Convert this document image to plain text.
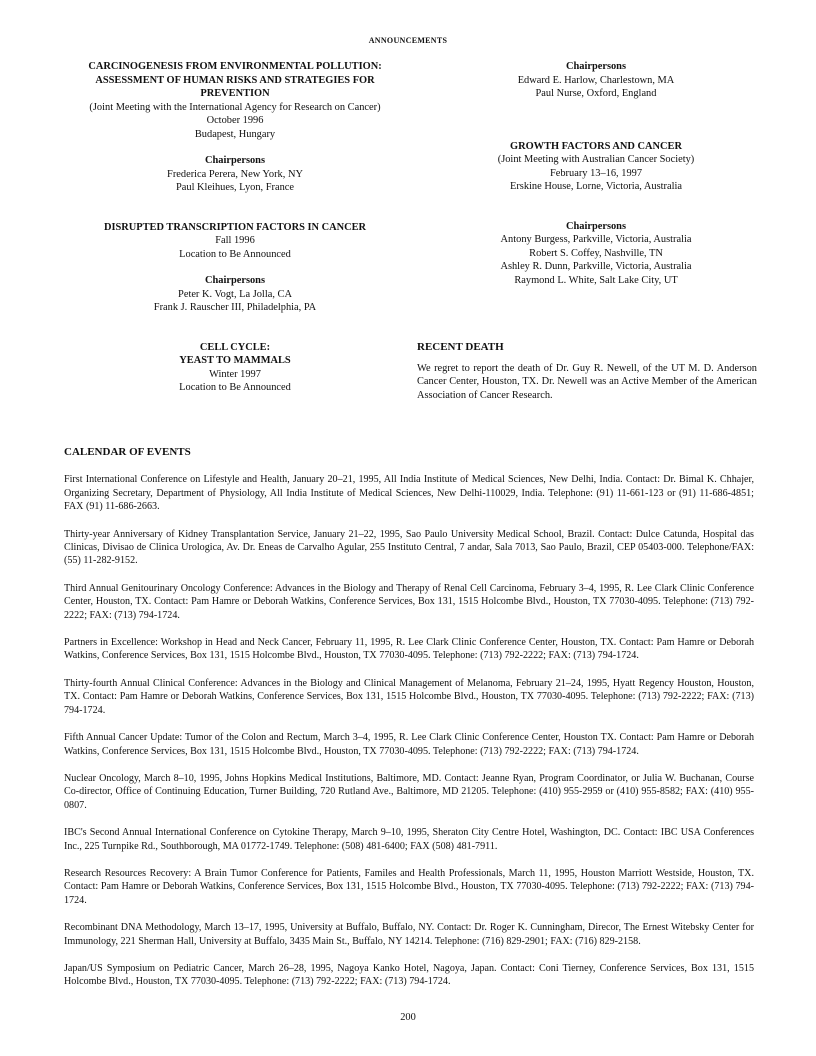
ANNOUNCEMENTS
CARCINOGENESIS FROM ENVIRONMENTAL POLLUTION:
ASSESSMENT OF HUMAN RISKS AND STRATEGIES FOR
PREVENTION
(Joint Meeting with the International Agency for Research on Cancer)
October 1996
Budapest, Hungary
Chairpersons
Frederica Perera, New York, NY
Paul Kleihues, Lyon, France
DISRUPTED TRANSCRIPTION FACTORS IN CANCER
Fall 1996
Location to Be Announced
Chairpersons
Peter K. Vogt, La Jolla, CA
Frank J. Rauscher III, Philadelphia, PA
CELL CYCLE:
YEAST TO MAMMALS
Winter 1997
Location to Be Announced
Chairpersons
Edward E. Harlow, Charlestown, MA
Paul Nurse, Oxford, England
GROWTH FACTORS AND CANCER
(Joint Meeting with Australian Cancer Society)
February 13–16, 1997
Erskine House, Lorne, Victoria, Australia
Chairpersons
Antony Burgess, Parkville, Victoria, Australia
Robert S. Coffey, Nashville, TN
Ashley R. Dunn, Parkville, Victoria, Australia
Raymond L. White, Salt Lake City, UT
RECENT DEATH
We regret to report the death of Dr. Guy R. Newell, of the UT M. D. Anderson Cancer Center, Houston, TX. Dr. Newell was an Active Member of the American Association of Cancer Research.
CALENDAR OF EVENTS
First International Conference on Lifestyle and Health, January 20–21, 1995, All India Institute of Medical Sciences, New Delhi, India. Contact: Dr. Bimal K. Chhajer, Organizing Secretary, Department of Physiology, All India Institute of Medical Sciences, New Delhi-110029, India. Telephone: (91) 11-661-123 or (91) 11-686-4851; FAX (91) 11-686-2663.
Thirty-year Anniversary of Kidney Transplantation Service, January 21–22, 1995, Sao Paulo University Medical School, Brazil. Contact: Dulce Catunda, Hospital das Clinicas, Divisao de Clinica Urologica, Av. Dr. Eneas de Carvalho Agular, 255 Instituto Central, 7 andar, Sala 7013, Sao Paulo, Brazil, CEP 05403-000. Telephone/FAX: (55) 11-282-9152.
Third Annual Genitourinary Oncology Conference: Advances in the Biology and Therapy of Renal Cell Carcinoma, February 3–4, 1995, R. Lee Clark Clinic Conference Center, Houston, TX. Contact: Pam Hamre or Deborah Watkins, Conference Services, Box 131, 1515 Holcombe Blvd., Houston, TX 77030-4095. Telephone: (713) 792-2222; FAX: (713) 794-1724.
Partners in Excellence: Workshop in Head and Neck Cancer, February 11, 1995, R. Lee Clark Clinic Conference Center, Houston, TX. Contact: Pam Hamre or Deborah Watkins, Conference Services, Box 131, 1515 Holcombe Blvd., Houston, TX 77030-4095. Telephone: (713) 792-2222; FAX: (713) 794-1724.
Thirty-fourth Annual Clinical Conference: Advances in the Biology and Clinical Management of Melanoma, February 21–24, 1995, Hyatt Regency Houston, Houston, TX. Contact: Pam Hamre or Deborah Watkins, Conference Services, Box 131, 1515 Holcombe Blvd., Houston, TX 77030-4095. Telephone: (713) 792-2222; FAX: (713) 794-1724.
Fifth Annual Cancer Update: Tumor of the Colon and Rectum, March 3–4, 1995, R. Lee Clark Clinic Conference Center, Houston TX. Contact: Pam Hamre or Deborah Watkins, Conference Services, Box 131, 1515 Holcombe Blvd., Houston, TX 77030-4095. Telephone: (713) 792-2222; FAX: (713) 794-1724.
Nuclear Oncology, March 8–10, 1995, Johns Hopkins Medical Institutions, Baltimore, MD. Contact: Jeanne Ryan, Program Coordinator, or Julia W. Buchanan, Course Co-director, Office of Continuing Education, Turner Building, 720 Rutland Ave., Baltimore, MD 21205. Telephone: (410) 955-2959 or (410) 955-8582; FAX: (410) 955-0807.
IBC's Second Annual International Conference on Cytokine Therapy, March 9–10, 1995, Sheraton City Centre Hotel, Washington, DC. Contact: IBC USA Conferences Inc., 225 Turnpike Rd., Southborough, MA 01772-1749. Telephone: (508) 481-6400; FAX (508) 481-7911.
Research Resources Recovery: A Brain Tumor Conference for Patients, Familes and Health Professionals, March 11, 1995, Houston Marriott Westside, Houston, TX. Contact: Pam Hamre or Deborah Watkins, Conference Services, Box 131, 1515 Holcombe Blvd., Houston, TX 77030-4095. Telephone: (713) 792-2222; FAX: (713) 794-1724.
Recombinant DNA Methodology, March 13–17, 1995, University at Buffalo, Buffalo, NY. Contact: Dr. Roger K. Cunningham, Direcor, The Ernest Witebsky Center for Immunology, 221 Sherman Hall, University at Buffalo, 3435 Main St., Buffalo, NY 14214. Telephone: (716) 829-2901; FAX: (716) 829-2158.
Japan/US Symposium on Pediatric Cancer, March 26–28, 1995, Nagoya Kanko Hotel, Nagoya, Japan. Contact: Coni Tierney, Conference Services, Box 131, 1515 Holcombe Blvd., Houston, TX 77030-4095. Telephone: (713) 792-2222; FAX: (713) 794-1724.
200
